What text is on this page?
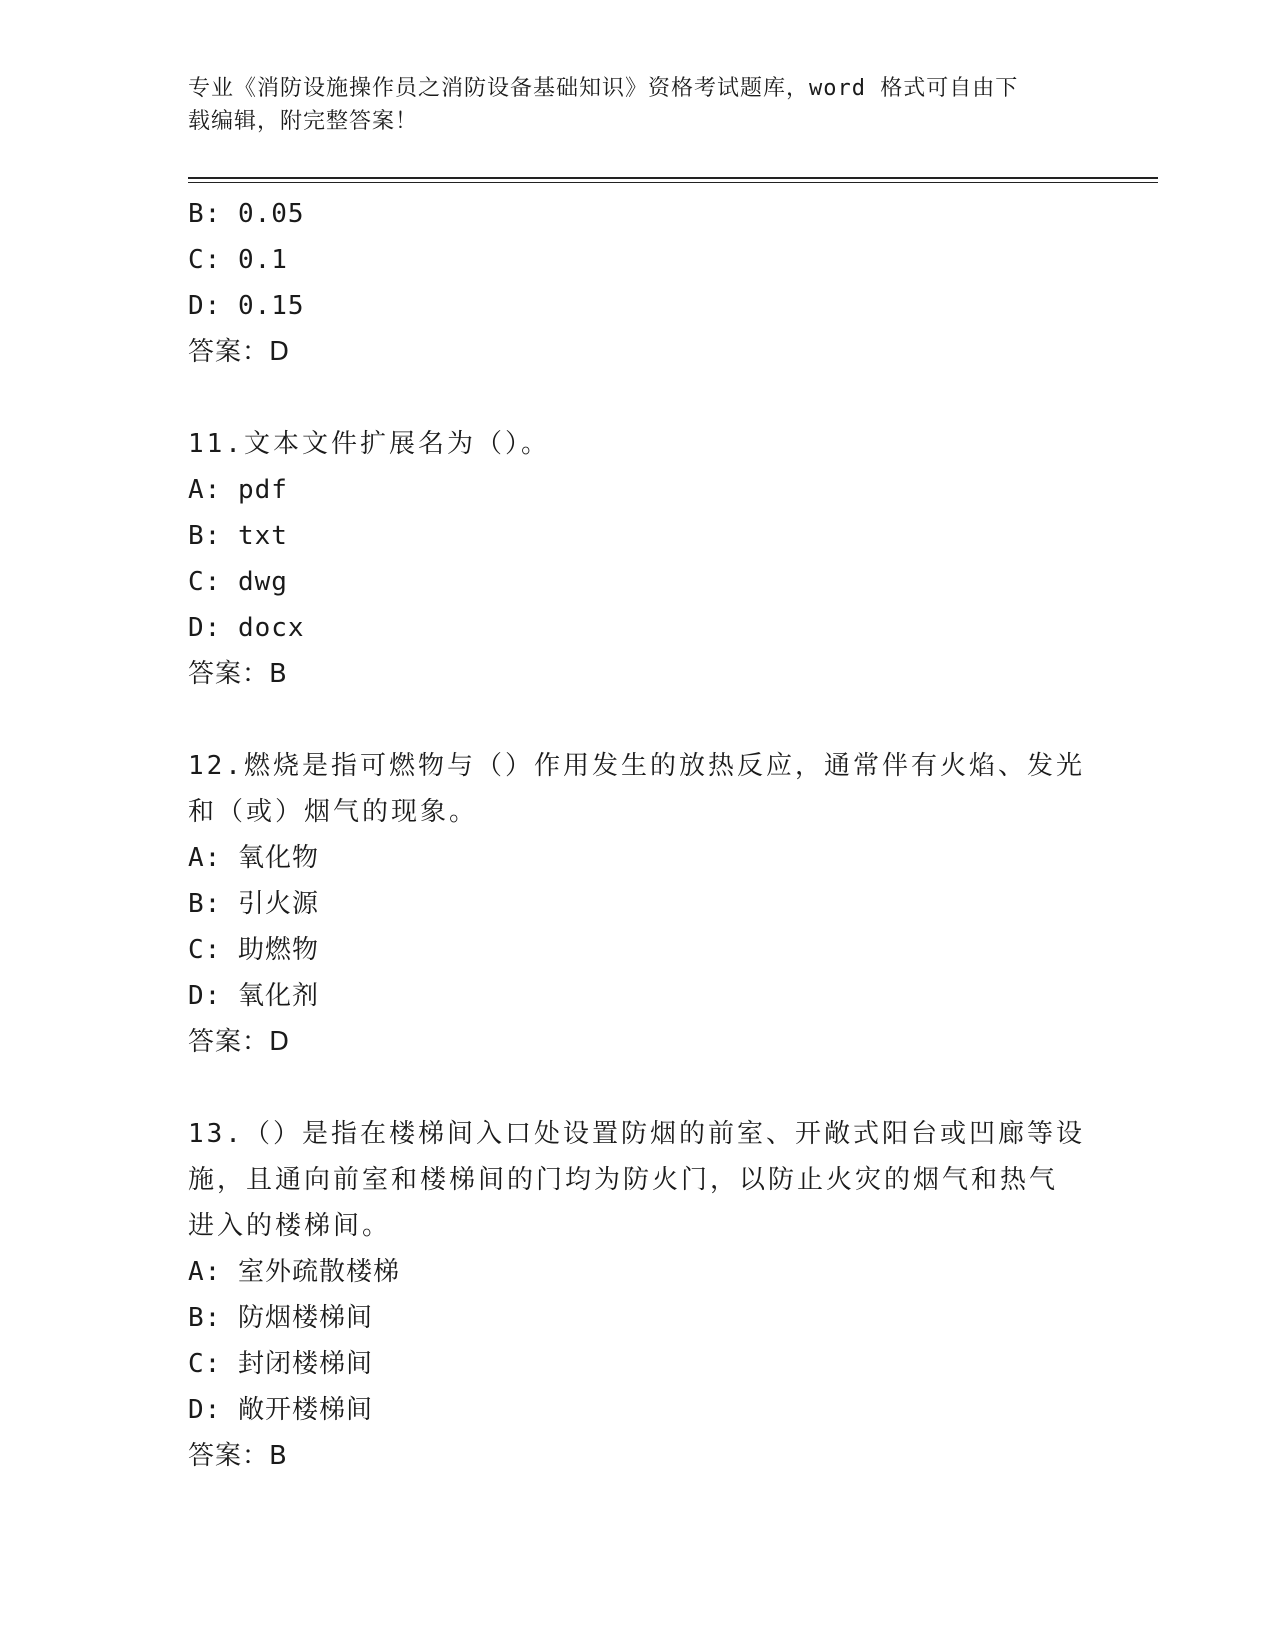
专业《消防设施操作员之消防设备基础知识》资格考试题库，word 格式可自由下
载编辑，附完整答案！
B: 0.05
C: 0.1
D: 0.15
答案：D
11.文本文件扩展名为（）。
A: pdf
B: txt
C: dwg
D: docx
答案：B
12.燃烧是指可燃物与（）作用发生的放热反应，通常伴有火焰、发光
和（或）烟气的现象。
A: 氧化物
B: 引火源
C: 助燃物
D: 氧化剂
答案：D
13.（）是指在楼梯间入口处设置防烟的前室、开敞式阳台或凹廊等设
施，且通向前室和楼梯间的门均为防火门，以防止火灾的烟气和热气
进入的楼梯间。
A: 室外疏散楼梯
B: 防烟楼梯间
C: 封闭楼梯间
D: 敞开楼梯间
答案：B
